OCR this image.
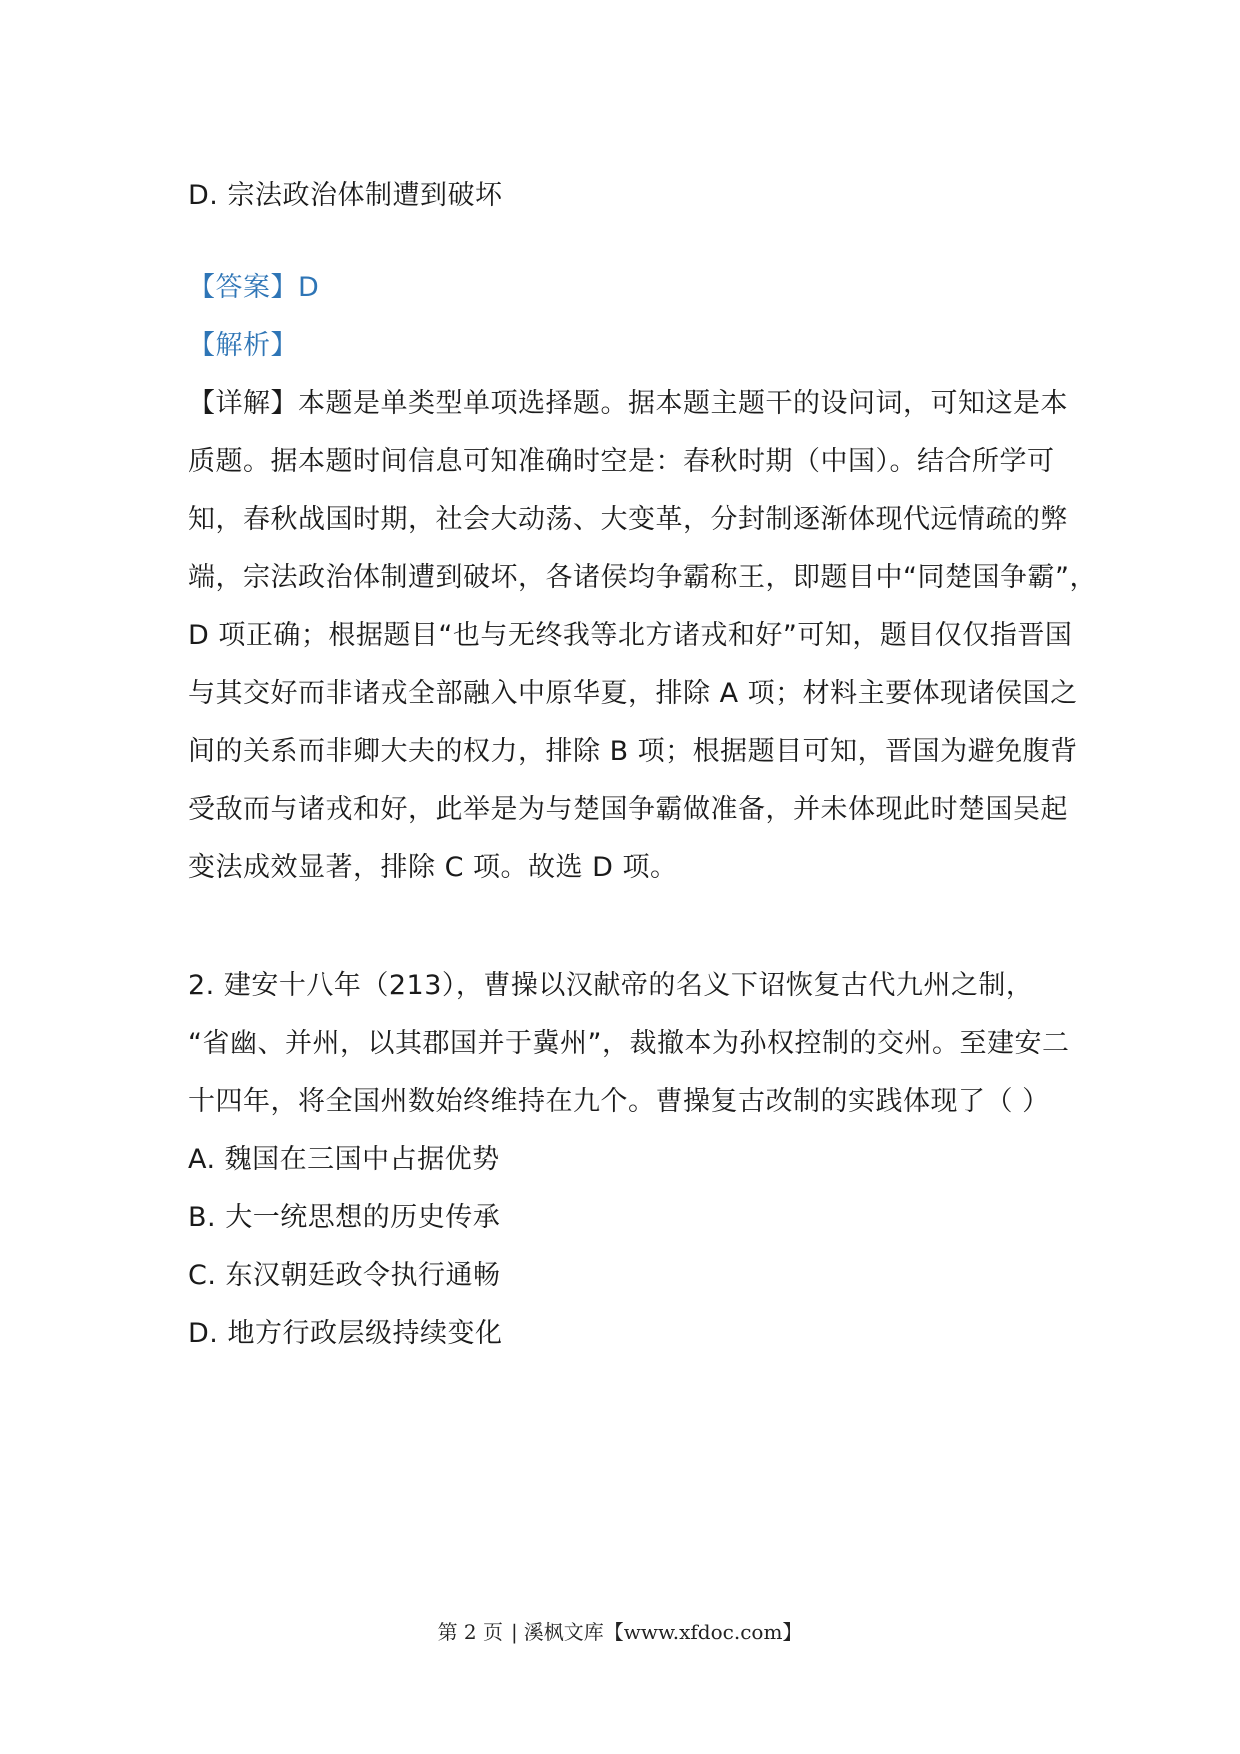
D. 宗法政治体制遭到破坏
【答案】D
【解析】
【详解】本题是单类型单项选择题。据本题主题干的设问词，可知这是本
质题。据本题时间信息可知准确时空是：春秋时期（中国）。结合所学可
知，春秋战国时期，社会大动荡、大变革，分封制逐渐体现代远情疏的弊
端，宗法政治体制遭到破坏，各诸侯均争霸称王，即题目中“同楚国争霸”，
D 项正确；根据题目“也与无终我等北方诸戎和好”可知，题目仅仅指晋国
与其交好而非诸戎全部融入中原华夏，排除 A 项；材料主要体现诸侯国之
间的关系而非卿大夫的权力，排除 B 项；根据题目可知，晋国为避免腹背
受敌而与诸戎和好，此举是为与楚国争霸做准备，并未体现此时楚国吴起
变法成效显著，排除 C 项。故选 D 项。
2. 建安十八年（213），曹操以汉献帝的名义下诏恢复古代九州之制，
“省幽、并州，以其郡国并于冀州”，裁撤本为孙权控制的交州。至建安二
十四年，将全国州数始终维持在九个。曹操复古改制的实践体现了（ ）
A. 魏国在三国中占据优势
B. 大一统思想的历史传承
C. 东汉朝廷政令执行通畅
D. 地方行政层级持续变化
第 2 页 | 溪枫文库【www.xfdoc.com】
